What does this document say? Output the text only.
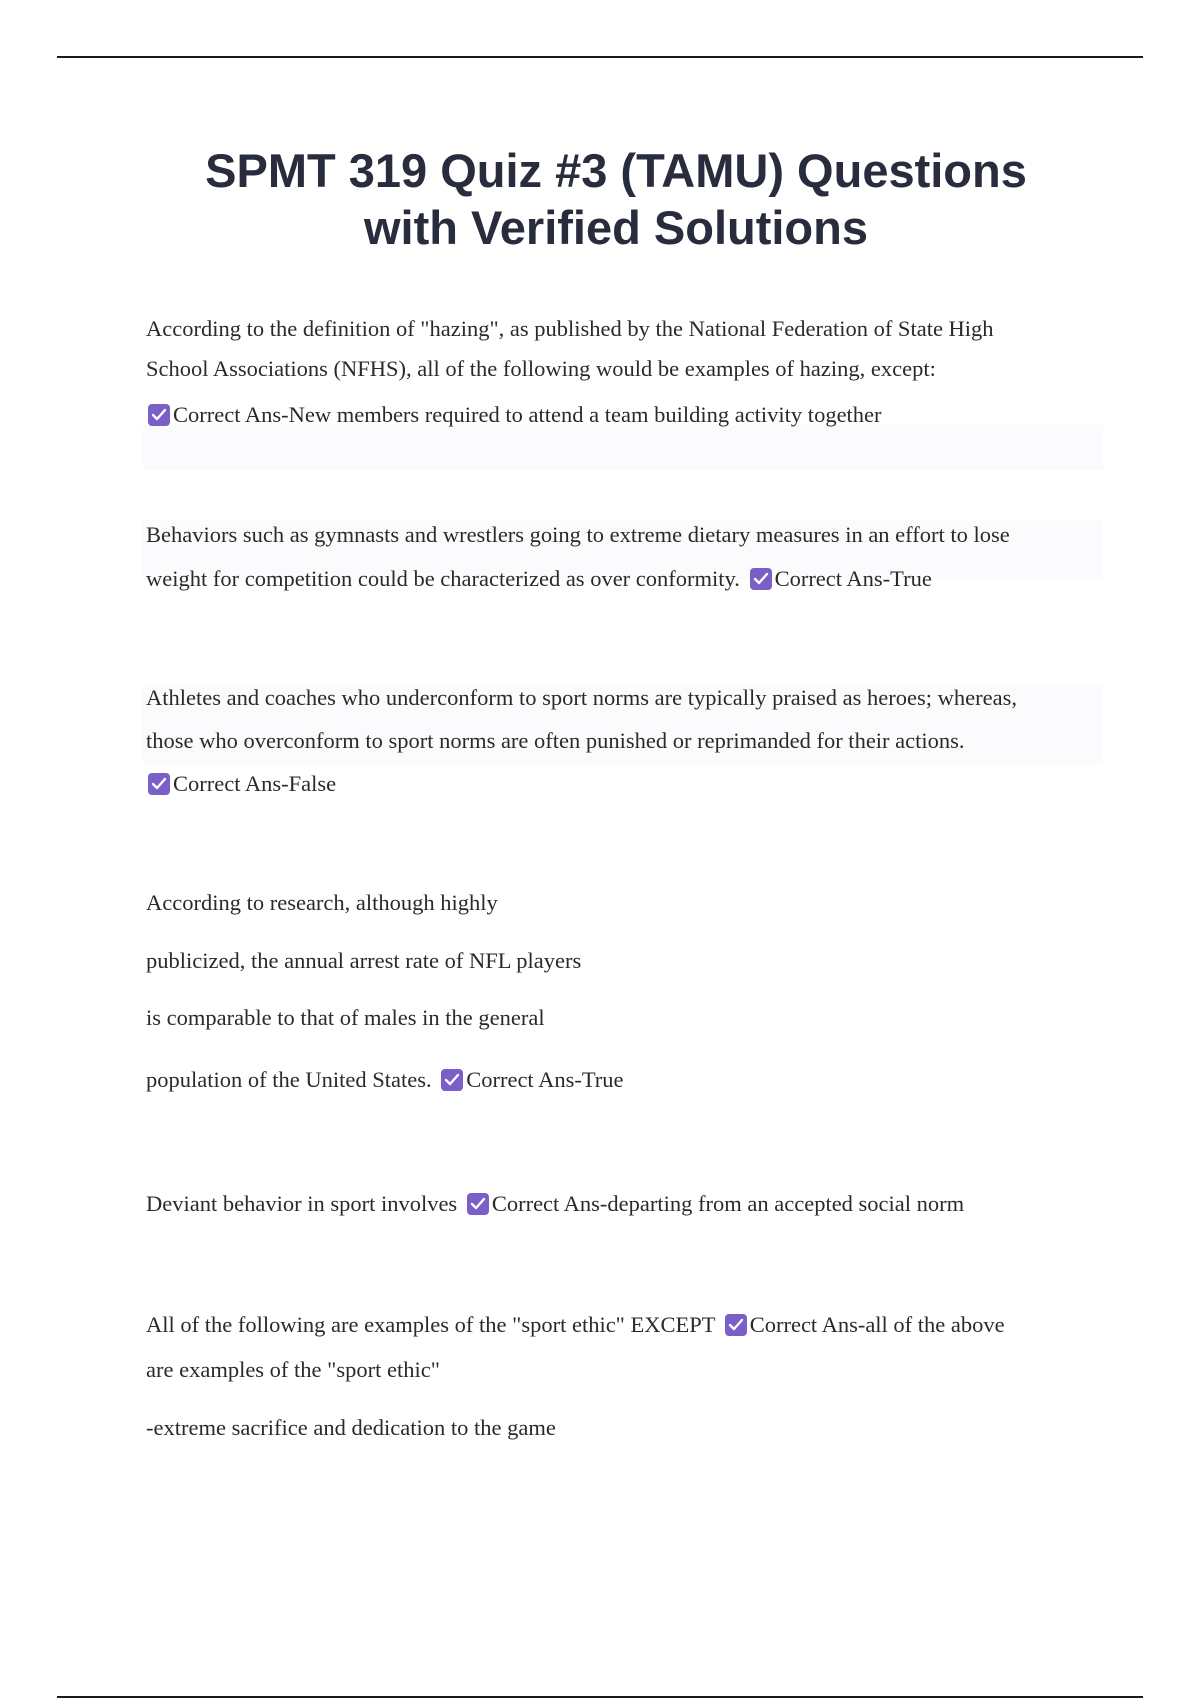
SPMT 319 Quiz #3 (TAMU) Questions
with Verified Solutions
According to the definition of "hazing", as published by the National Federation of State High
School Associations (NFHS), all of the following would be examples of hazing, except:
Correct Ans-New members required to attend a team building activity together
Behaviors such as gymnasts and wrestlers going to extreme dietary measures in an effort to lose
weight for competition could be characterized as over conformity. Correct Ans-True
Athletes and coaches who underconform to sport norms are typically praised as heroes; whereas,
those who overconform to sport norms are often punished or reprimanded for their actions.
Correct Ans-False
According to research, although highly
publicized, the annual arrest rate of NFL players
is comparable to that of males in the general
population of the United States. Correct Ans-True
Deviant behavior in sport involves Correct Ans-departing from an accepted social norm
All of the following are examples of the "sport ethic" EXCEPT Correct Ans-all of the above
are examples of the "sport ethic"
-extreme sacrifice and dedication to the game
